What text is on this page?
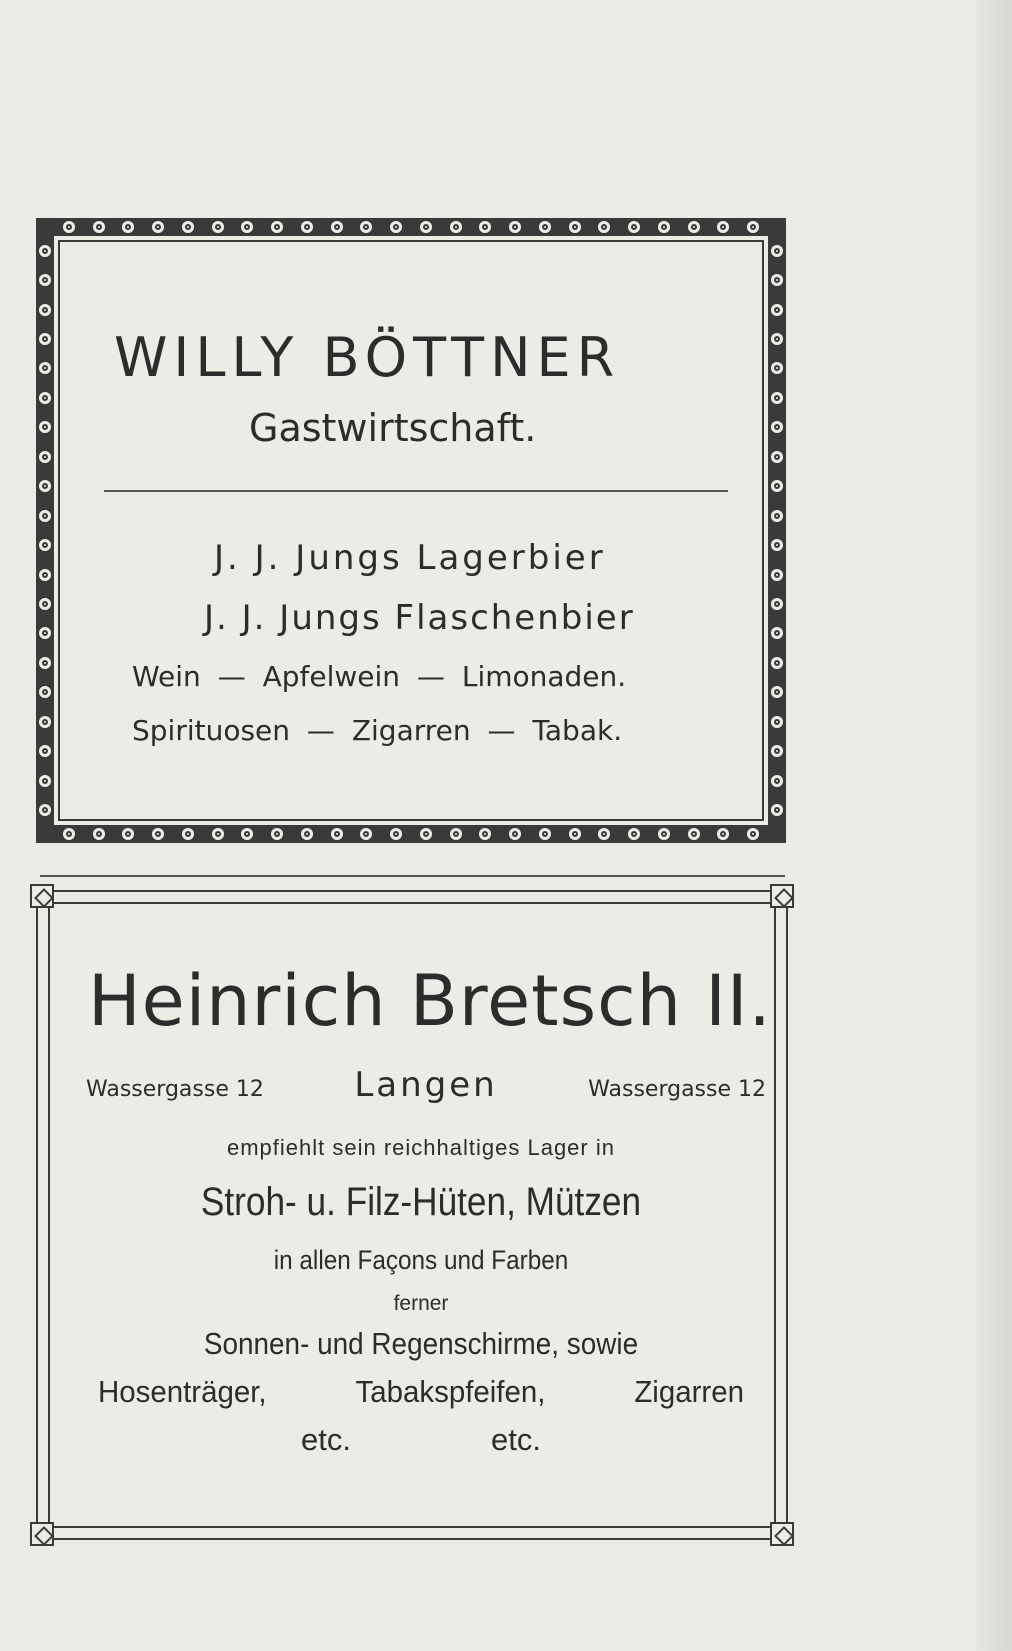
WILLY BÖTTNER
Gastwirtschaft.
J. J. Jungs Lagerbier
J. J. Jungs Flaschenbier
Wein — Apfelwein — Limonaden.
Spirituosen — Zigarren — Tabak.
Heinrich Bretsch II.
Wassergasse 12	Langen	Wassergasse 12
empfiehlt sein reichhaltiges Lager in
Stroh- u. Filz-Hüten, Mützen
in allen Façons und Farben
ferner
Sonnen- und Regenschirme, sowie
Hosenträger,	Tabakspfeifen,	Zigarren
etc.	etc.
